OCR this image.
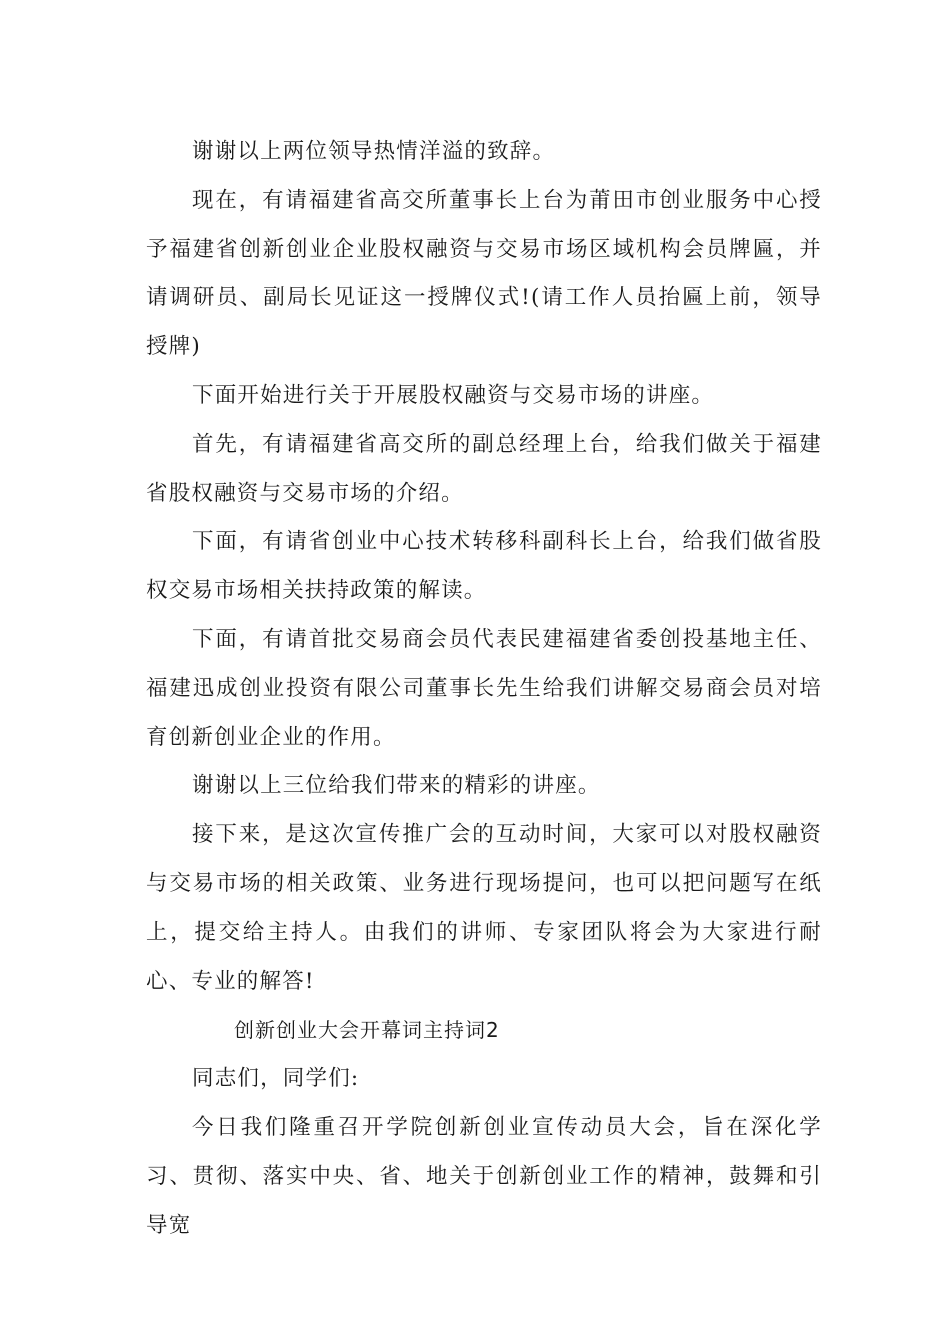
谢谢以上两位领导热情洋溢的致辞。

现在，有请福建省高交所董事长上台为莆田市创业服务中心授予福建省创新创业企业股权融资与交易市场区域机构会员牌匾，并请调研员、副局长见证这一授牌仪式!(请工作人员抬匾上前，领导授牌)

下面开始进行关于开展股权融资与交易市场的讲座。

首先，有请福建省高交所的副总经理上台，给我们做关于福建省股权融资与交易市场的介绍。

下面，有请省创业中心技术转移科副科长上台，给我们做省股权交易市场相关扶持政策的解读。

下面，有请首批交易商会员代表民建福建省委创投基地主任、福建迅成创业投资有限公司董事长先生给我们讲解交易商会员对培育创新创业企业的作用。

谢谢以上三位给我们带来的精彩的讲座。

接下来，是这次宣传推广会的互动时间，大家可以对股权融资与交易市场的相关政策、业务进行现场提问，也可以把问题写在纸上，提交给主持人。由我们的讲师、专家团队将会为大家进行耐心、专业的解答!

创新创业大会开幕词主持词2

同志们，同学们:

今日我们隆重召开学院创新创业宣传动员大会，旨在深化学习、贯彻、落实中央、省、地关于创新创业工作的精神，鼓舞和引导宽
